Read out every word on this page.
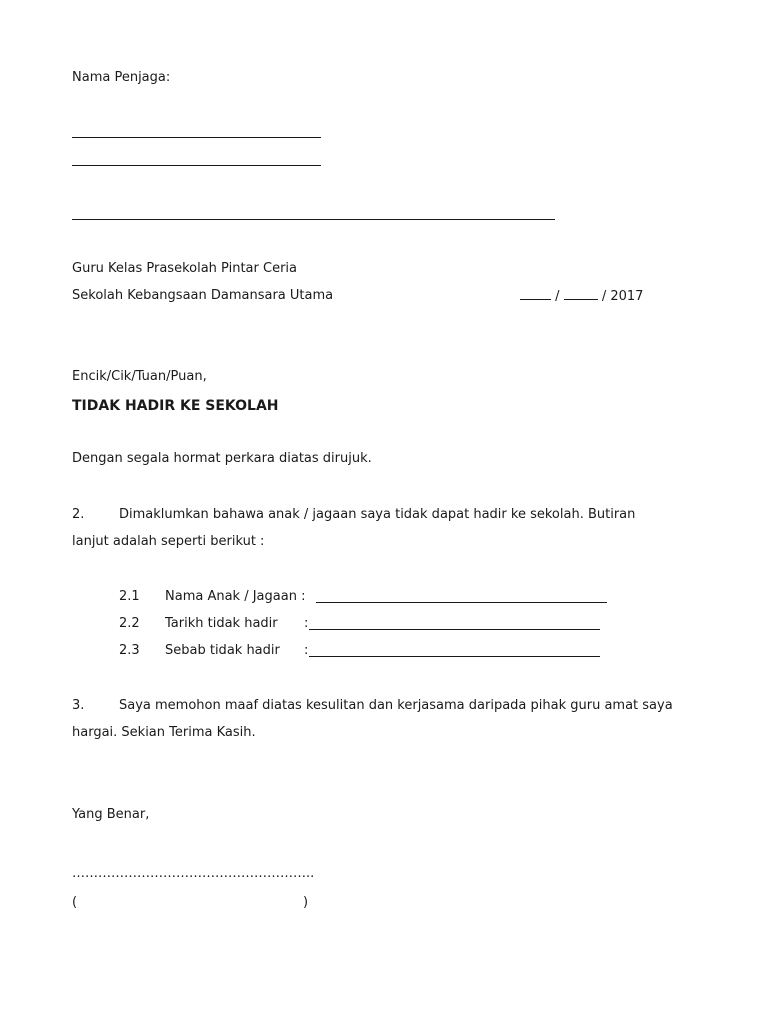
Nama Penjaga:
Guru Kelas Prasekolah Pintar Ceria
Sekolah Kebangsaan Damansara Utama	/	/ 2017
Encik/Cik/Tuan/Puan,
TIDAK HADIR KE SEKOLAH
Dengan segala hormat perkara diatas dirujuk.
2.	Dimaklumkan bahawa anak / jagaan saya tidak dapat hadir ke sekolah. Butiran
lanjut adalah seperti berikut :
2.1 Nama Anak / Jagaan :
2.2 Tarikh tidak hadir :
2.3 Sebab tidak hadir :
3.	Saya memohon maaf diatas kesulitan dan kerjasama daripada pihak guru amat saya
hargai. Sekian Terima Kasih.
Yang Benar,
………………………………………………..
(	)
